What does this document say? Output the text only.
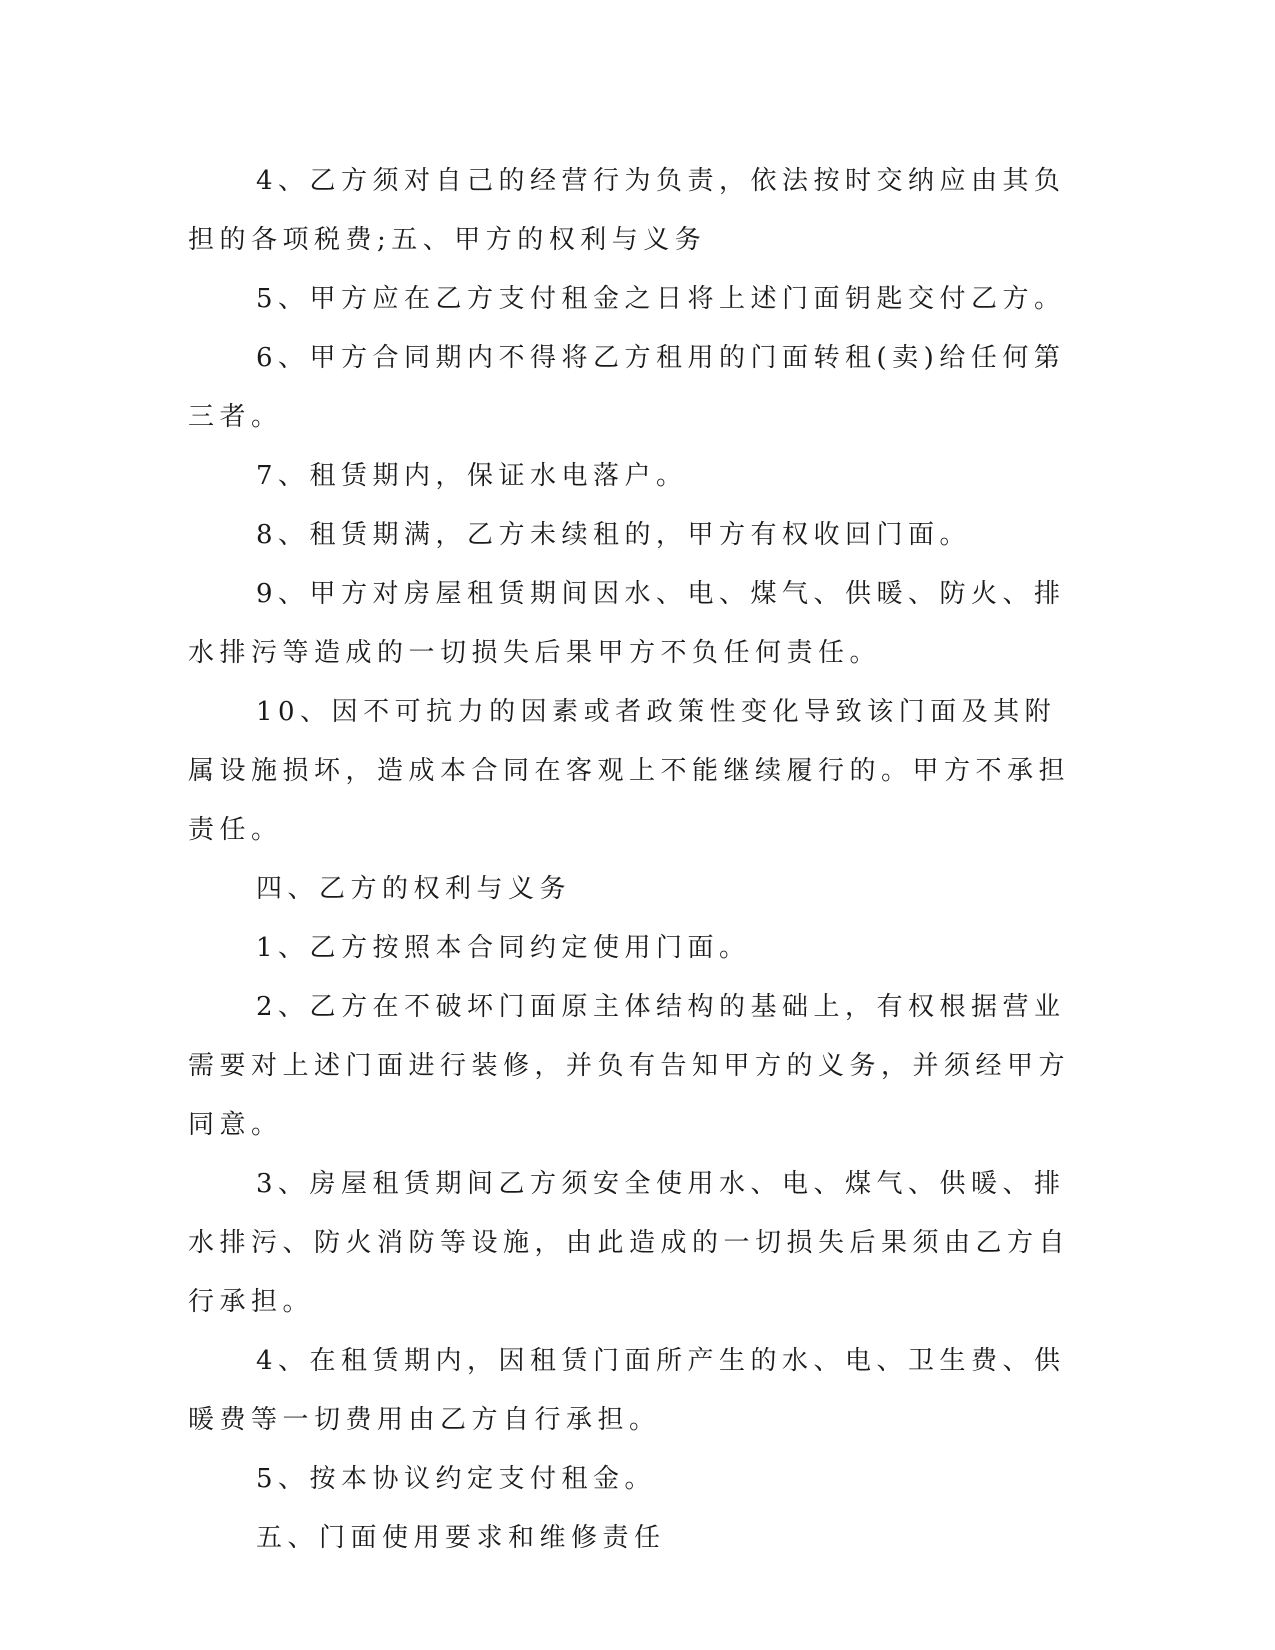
4、乙方须对自己的经营行为负责，依法按时交纳应由其负担的各项税费;五、甲方的权利与义务

5、甲方应在乙方支付租金之日将上述门面钥匙交付乙方。

6、甲方合同期内不得将乙方租用的门面转租(卖)给任何第三者。

7、租赁期内，保证水电落户。

8、租赁期满，乙方未续租的，甲方有权收回门面。

9、甲方对房屋租赁期间因水、电、煤气、供暖、防火、排水排污等造成的一切损失后果甲方不负任何责任。

10、因不可抗力的因素或者政策性变化导致该门面及其附属设施损坏，造成本合同在客观上不能继续履行的。甲方不承担责任。

四、乙方的权利与义务

1、乙方按照本合同约定使用门面。

2、乙方在不破坏门面原主体结构的基础上，有权根据营业需要对上述门面进行装修，并负有告知甲方的义务，并须经甲方同意。

3、房屋租赁期间乙方须安全使用水、电、煤气、供暖、排水排污、防火消防等设施，由此造成的一切损失后果须由乙方自行承担。

4、在租赁期内，因租赁门面所产生的水、电、卫生费、供暖费等一切费用由乙方自行承担。

5、按本协议约定支付租金。

五、门面使用要求和维修责任
